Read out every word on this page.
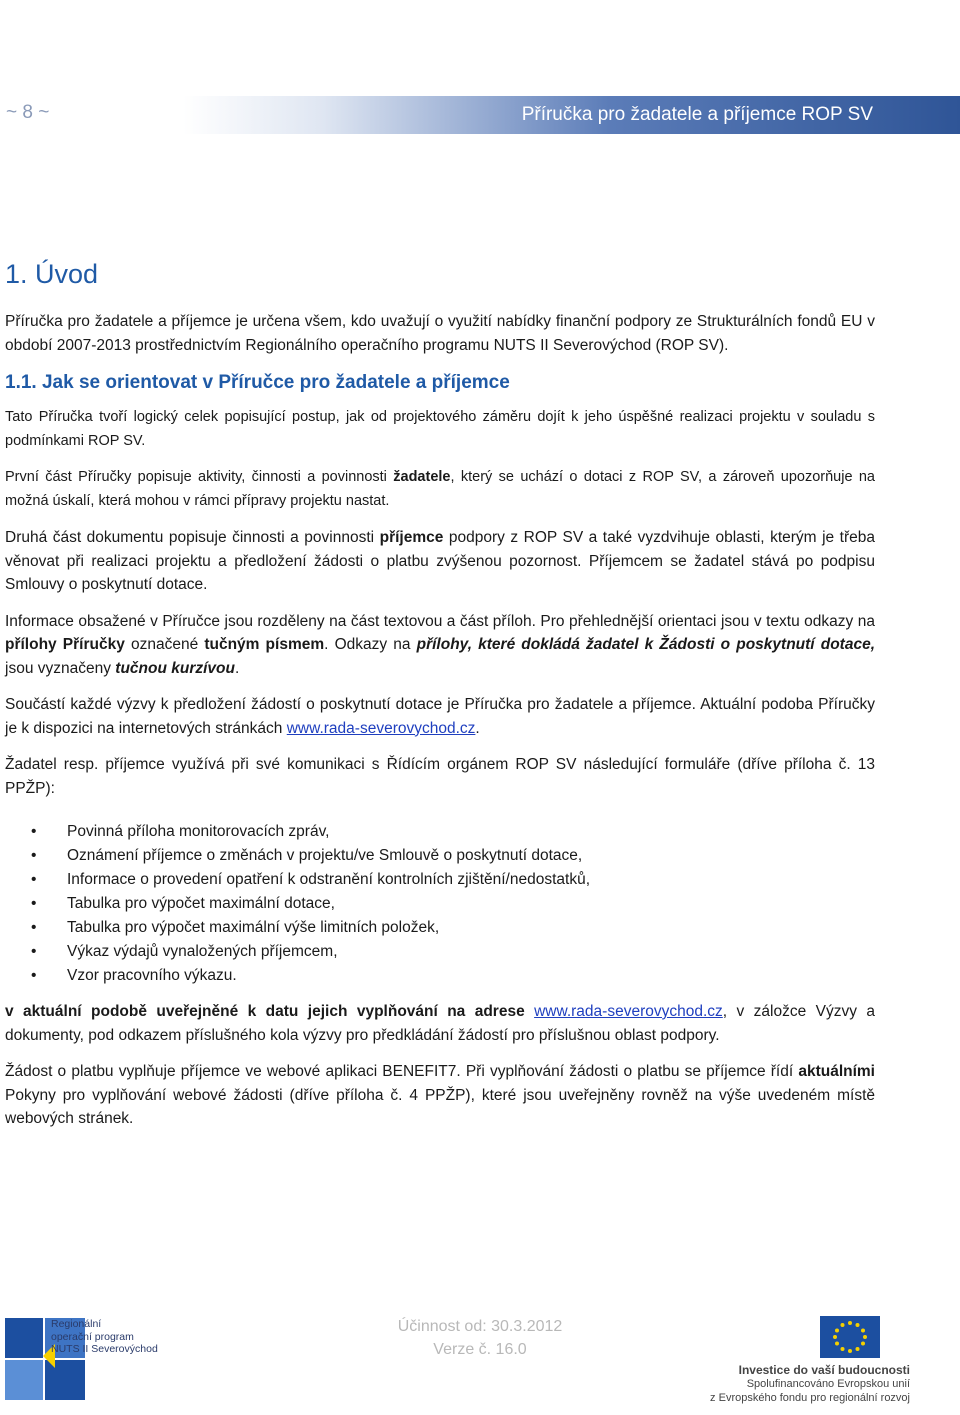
~ 8 ~	Příručka pro žadatele a příjemce ROP SV
1. Úvod

Příručka pro žadatele a příjemce je určena všem, kdo uvažují o využití nabídky finanční podpory ze Strukturálních fondů EU v období 2007-2013 prostřednictvím Regionálního operačního programu NUTS II Severovýchod (ROP SV).

1.1. Jak se orientovat v Příručce pro žadatele a příjemce

Tato Příručka tvoří logický celek popisující postup, jak od projektového záměru dojít k jeho úspěšné realizaci projektu v souladu s podmínkami ROP SV.

První část Příručky popisuje aktivity, činnosti a povinnosti žadatele, který se uchází o dotaci z ROP SV, a zároveň upozorňuje na možná úskalí, která mohou v rámci přípravy projektu nastat.

Druhá část dokumentu popisuje činnosti a povinnosti příjemce podpory z ROP SV a také vyzdvihuje oblasti, kterým je třeba věnovat při realizaci projektu a předložení žádosti o platbu zvýšenou pozornost. Příjemcem se žadatel stává po podpisu Smlouvy o poskytnutí dotace.

Informace obsažené v Příručce jsou rozděleny na část textovou a část příloh. Pro přehlednější orientaci jsou v textu odkazy na přílohy Příručky označené tučným písmem. Odkazy na přílohy, které dokládá žadatel k Žádosti o poskytnutí dotace, jsou vyznačeny tučnou kurzívou.

Součástí každé výzvy k předložení žádostí o poskytnutí dotace je Příručka pro žadatele a příjemce. Aktuální podoba Příručky je k dispozici na internetových stránkách www.rada-severovychod.cz.

Žadatel resp. příjemce využívá při své komunikaci s Řídícím orgánem ROP SV následující formuláře (dříve příloha č. 13 PPŽP):

• Povinná příloha monitorovacích zpráv,
• Oznámení příjemce o změnách v projektu/ve Smlouvě o poskytnutí dotace,
• Informace o provedení opatření k odstranění kontrolních zjištění/nedostatků,
• Tabulka pro výpočet maximální dotace,
• Tabulka pro výpočet maximální výše limitních položek,
• Výkaz výdajů vynaložených příjemcem,
• Vzor pracovního výkazu.

v aktuální podobě uveřejněné k datu jejich vyplňování na adrese www.rada-severovychod.cz, v záložce Výzvy a dokumenty, pod odkazem příslušného kola výzvy pro předkládání žádostí pro příslušnou oblast podpory.

Žádost o platbu vyplňuje příjemce ve webové aplikaci BENEFIT7. Při vyplňování žádosti o platbu se příjemce řídí aktuálními Pokyny pro vyplňování webové žádosti (dříve příloha č. 4 PPŽP), které jsou uveřejněny rovněž na výše uvedeném místě webových stránek.

Účinnost od: 30.3.2012
Verze č. 16.0
Regionální
operační program
NUTS II Severovýchod
Investice do vaší budoucnosti
Spolufinancováno Evropskou unií
z Evropského fondu pro regionální rozvoj
